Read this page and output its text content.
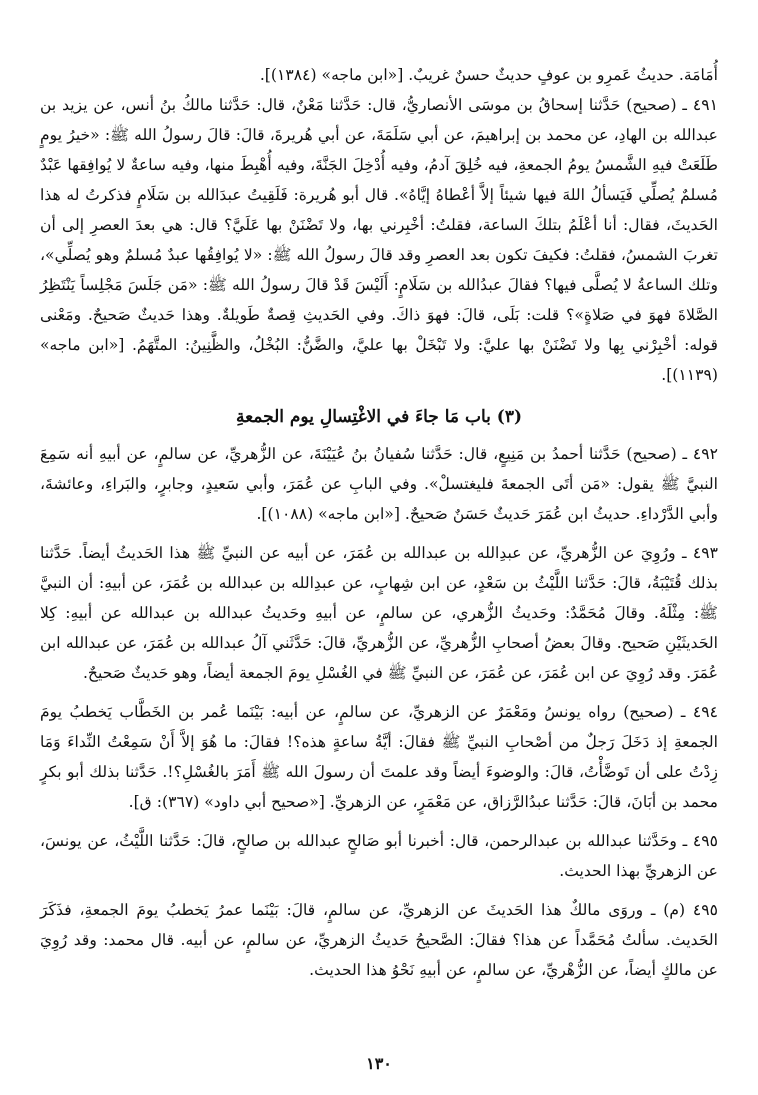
أُمَامَة. حديثُ عَمرِو بن عوفٍ حديثٌ حسنٌ غريبٌ. [«ابن ماجه» (١٣٨٤)].

٤٩١ ـ (صحيح) حَدَّثنا إسحاقُ بن موسَى الأنصاريُّ، قال: حَدَّثنا مَعْنٌ، قال: حَدَّثنا مالكُ بنُ أنس، عن يزيد بن عبدالله بن الهادِ، عن محمد بن إبراهيمَ، عن أبي سَلَمَةَ، عن أبي هُريرةَ، قالَ: قالَ رسولُ الله ﷺ: «خيرُ يومٍ طَلَعَتْ فيهِ الشَّمسُ يومُ الجمعةِ، فيه خُلِقَ آدمُ، وفيه أُدْخِلَ الجَنَّةَ، وفيه أُهْبِطَ منها، وفيه ساعةٌ لا يُوافِقها عَبْدٌ مُسلمٌ يُصلِّي فَيَسألُ اللهَ فيها شيئاً إلاَّ أعْطاهُ إيَّاهُ». قال أبو هُريرة: فَلَقِيتُ عبدَالله بن سَلَامٍ فذكرتُ له هذا الحَديثَ، فقال: أنا أعْلَمُ بتلكَ الساعة، فقلتُ: أخْبِرني بها، ولا تَضْنَنْ بها عَلَيَّ؟ قال: هي بعدَ العصرِ إلى أن تغربَ الشمسُ، فقلتُ: فكيفَ تكون بعد العصرِ وقد قالَ رسولُ الله ﷺ: «لا يُوافِقُها عبدٌ مُسلمٌ وهو يُصلِّي»، وتلك الساعةُ لا يُصلَّى فيها؟ فقالَ عبدُالله بن سَلَامٍ: أَلَيْسَ قَدْ قالَ رسولُ الله ﷺ: «مَن جَلَسَ مَجْلِساً يَنْتَظِرُ الصَّلاةَ فهوَ في صَلاةٍ»؟ قلت: بَلَى، قالَ: فهوَ ذاكَ. وفي الحَديثِ قِصةٌ طَويلةٌ. وهذا حَديثٌ صَحيحٌ. ومَعْنى قوله: أخْبِرْني بِها ولا تَضْنَنْ بها عليَّ: ولا تَبْخَلْ بها عليَّ، والضَّنُّ: البُخْلُ، والظَّنِينُ: المتَّهَمُ. [«ابن ماجه» (١١٣٩)].

(٣) باب مَا جاءَ في الاغْتِسالِ يوم الجمعةِ

٤٩٢ ـ (صحيح) حَدَّثنا أحمدُ بن مَنِيعٍ، قال: حَدَّثنا سُفيانُ بنُ عُيَيْنَةَ، عن الزُّهريِّ، عن سالمٍ، عن أبيهِ أنه سَمِعَ النبيَّ ﷺ يقول: «مَن أتَى الجمعةَ فليغتسلْ». وفي البابِ عن عُمَرَ، وأبي سَعيدٍ، وجابرٍ، والبَراءِ، وعائشةَ، وأبي الدَّرْداءِ. حديثُ ابن عُمَرَ حَديثٌ حَسَنٌ صَحيحٌ. [«ابن ماجه» (١٠٨٨)].

٤٩٣ ـ ورُوِيَ عن الزُّهريِّ، عن عبدِالله بن عبدالله بن عُمَرَ، عن أبيه عن النبيِّ ﷺ هذا الحَديثُ أيضاً. حَدَّثنا بذلك قُتَيْبَةُ، قالَ: حَدَّثنا اللَّيْثُ بن سَعْدٍ، عن ابن شِهابٍ، عن عبدِالله بن عبدالله بن عُمَرَ، عن أبيهِ: أن النبيَّ ﷺ: مِثْلَهُ. وقالَ مُحَمَّدٌ: وحَديثُ الزُّهري، عن سالمٍ، عن أبيهِ وحَديثُ عبدالله بن عبدالله عن أبيهِ: كِلا الحَديثَيْنِ صَحيح. وقالَ بعضُ أصحابِ الزُّهريِّ، عن الزُّهريِّ، قالَ: حَدَّثَني آلُ عبدالله بن عُمَرَ، عن عبدالله ابن عُمَرَ. وقد رُوِيَ عن ابن عُمَرَ، عن عُمَرَ، عن النبيِّ ﷺ في الغُسْلِ يومَ الجمعة أيضاً، وهو حَديثٌ صَحيحٌ.

٤٩٤ ـ (صحيح) رواه يونسُ ومَعْمَرٌ عن الزهريِّ، عن سالمٍ، عن أبيه: بَيْنَما عُمر بن الخَطَّاب يَخطبُ يومَ الجمعةِ إذ دَخَلَ رَجلٌ من أصْحابِ النبيِّ ﷺ فقالَ: أيَّةُ ساعةٍ هذه؟! فقالَ: ما هُوَ إلاَّ أَنْ سَمِعْتُ النِّداءَ وَمَا زِدْتُ على أن تَوضَّأْتُ، قالَ: والوضوءَ أيضاً وقد علمتَ أن رسولَ الله ﷺ أَمَرَ بالغُسْلِ؟!. حَدَّثنا بذلك أبو بكرٍ محمد بن أبَانَ، قالَ: حَدَّثنا عبدُالرَّزاق، عن مَعْمَرٍ، عن الزهريِّ. [«صحيح أبي داود» (٣٦٧): ق].

٤٩٥ ـ وحَدَّثنا عبدالله بن عبدالرحمن، قال: أخبرنا أبو صَالحٍ عبدالله بن صالحٍ، قالَ: حَدَّثنا اللَّيْثُ، عن يونسَ، عن الزهريِّ بهذا الحديث.

٤٩٥ (م) ـ وروَى مالكٌ هذا الحَديثَ عن الزهريِّ، عن سالمٍ، قالَ: بَيْنَما عمرُ يَخطبُ يومَ الجمعةِ، فذَكَرَ الحَديث. سألتُ مُحَمَّداً عن هذا؟ فقالَ: الصَّحيحُ حَديثُ الزهريِّ، عن سالمٍ، عن أبيه. قال محمد: وقد رُوِيَ عن مالكٍ أيضاً، عن الزُّهْريِّ، عن سالمٍ، عن أبيهِ نَحْوُ هذا الحديث.

١٣٠
